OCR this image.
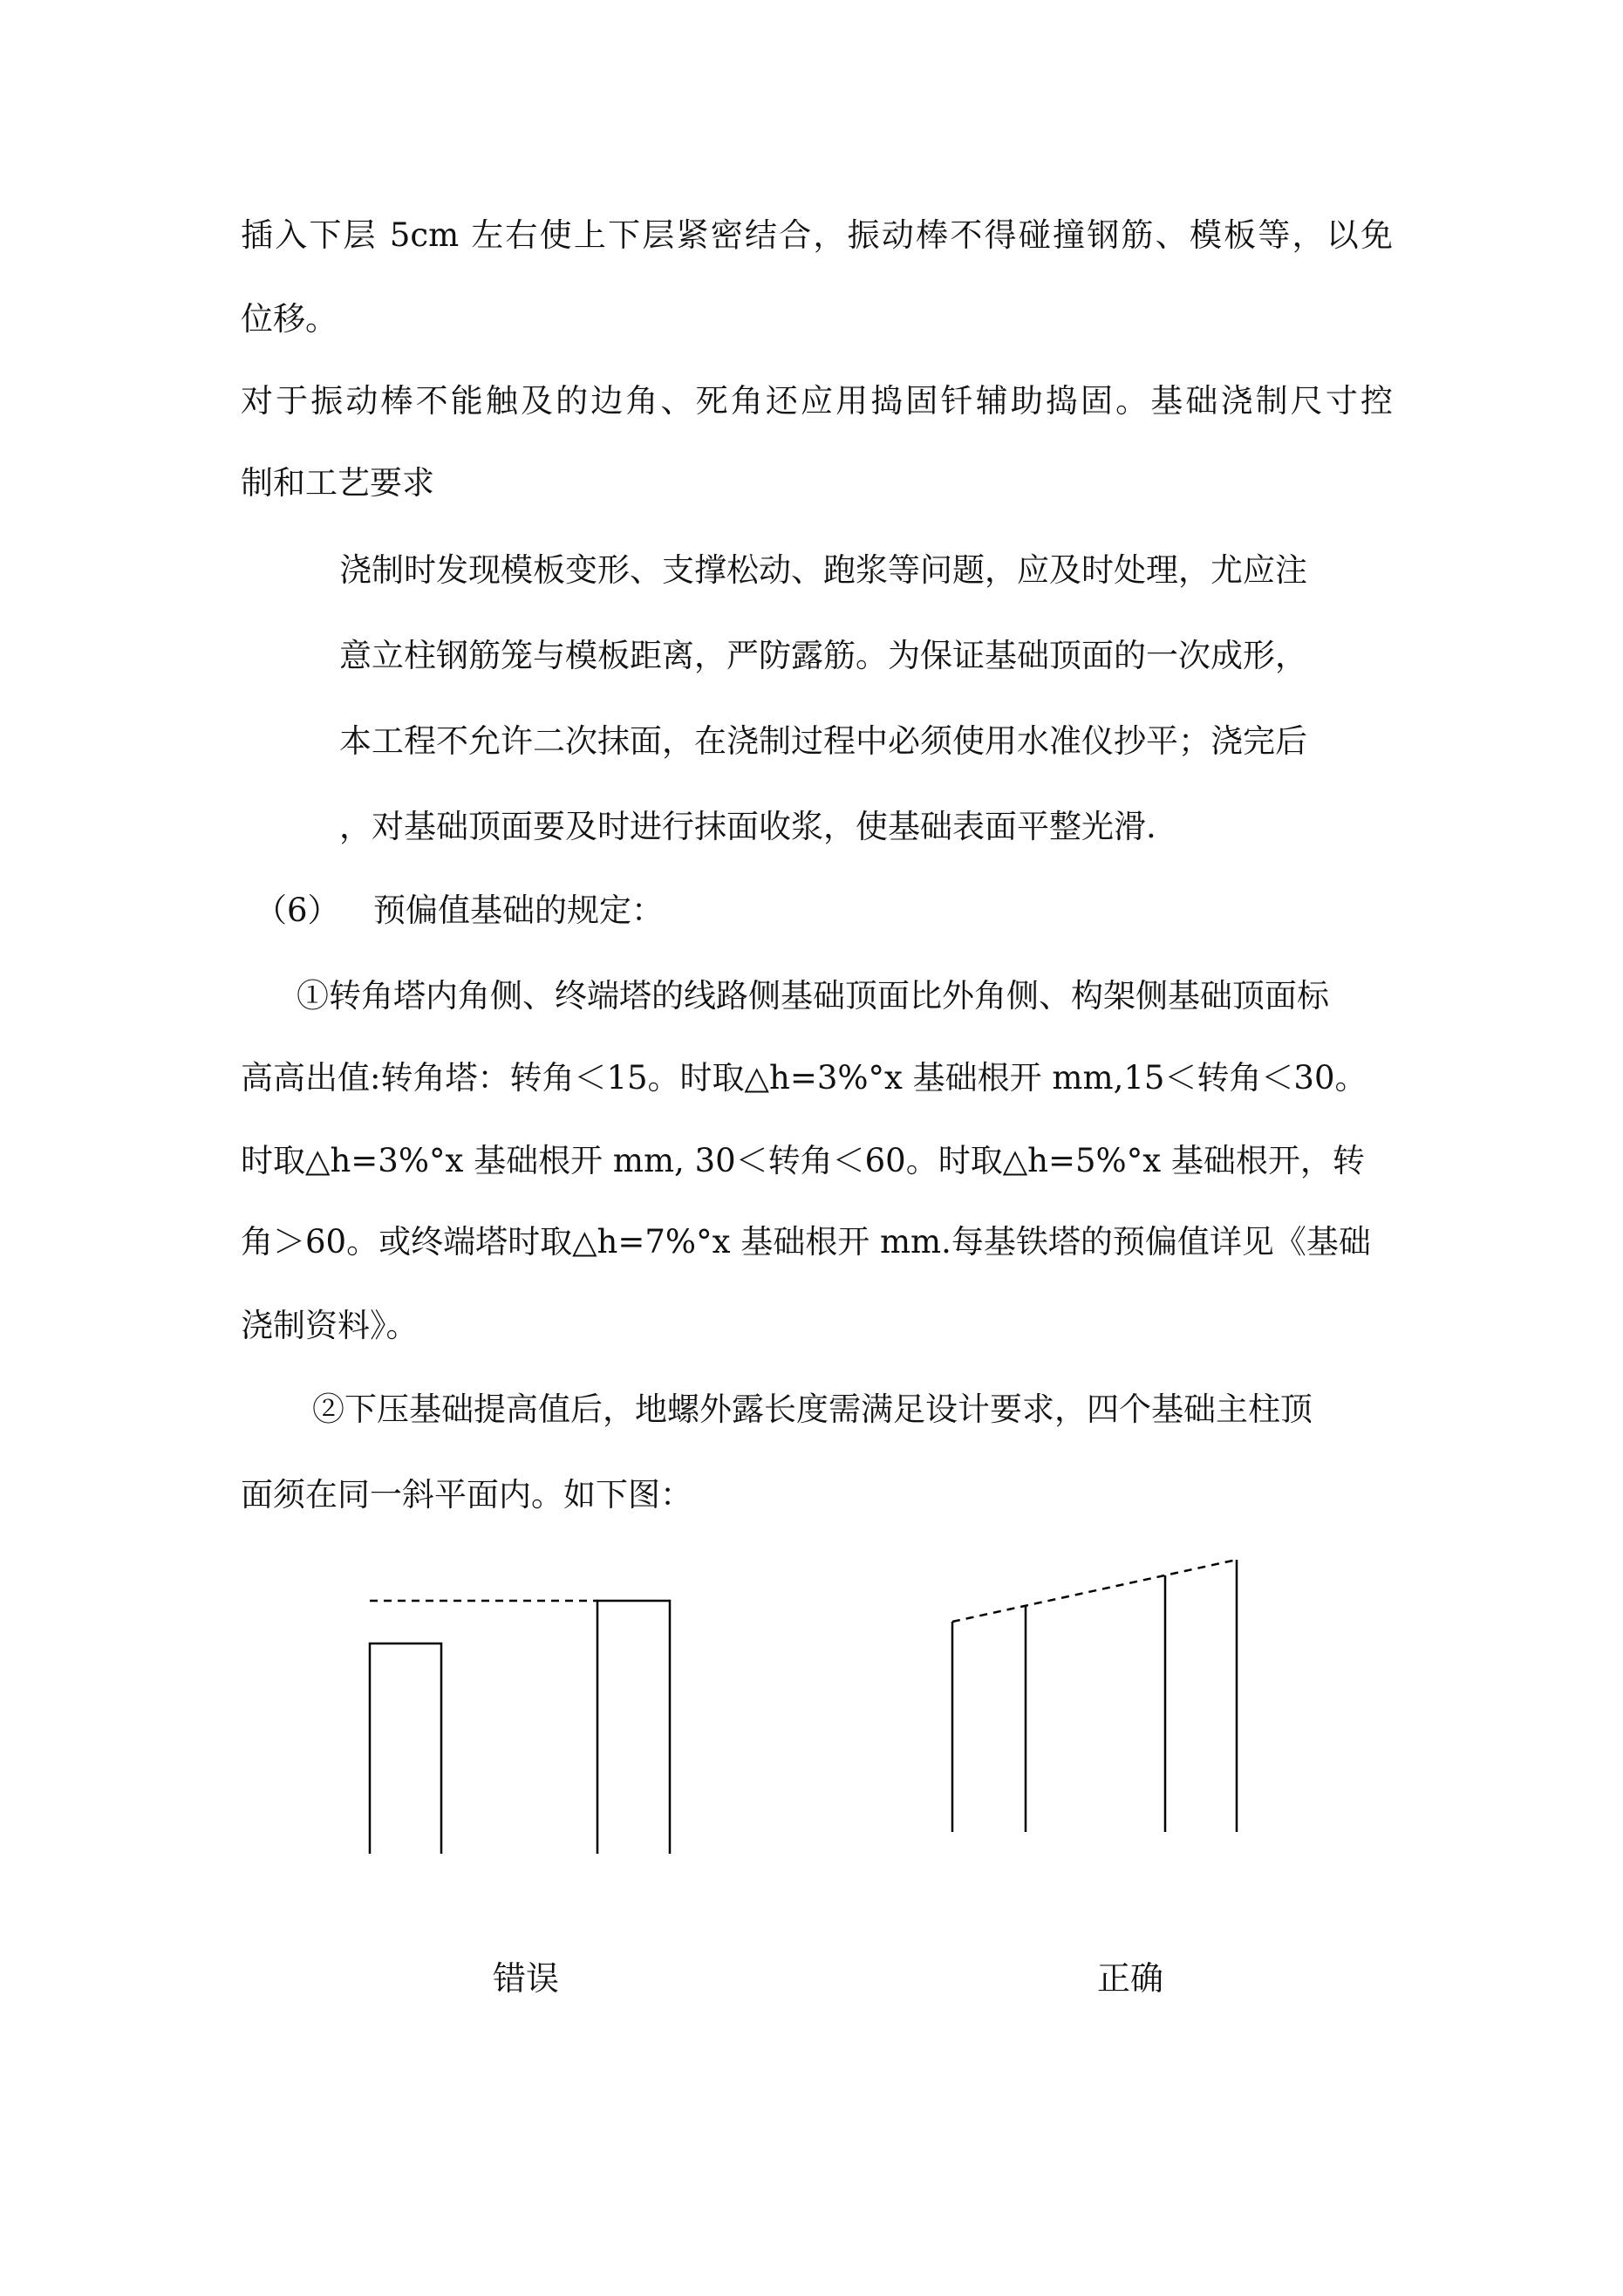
插入下层 5cm 左右使上下层紧密结合，振动棒不得碰撞钢筋、模板等，以免
位移。
对于振动棒不能触及的边角、死角还应用捣固钎辅助捣固。基础浇制尺寸控
制和工艺要求
浇制时发现模板变形、支撑松动、跑浆等问题，应及时处理，尤应注
意立柱钢筋笼与模板距离，严防露筋。为保证基础顶面的一次成形，
本工程不允许二次抹面，在浇制过程中必须使用水准仪抄平；浇完后
，对基础顶面要及时进行抹面收浆，使基础表面平整光滑.
（6） 预偏值基础的规定：
①转角塔内角侧、终端塔的线路侧基础顶面比外角侧、构架侧基础顶面标
高高出值:转角塔：转角＜15。时取△h=3%°x 基础根开 mm,15＜转角＜30。
时取△h=3%°x 基础根开 mm, 30＜转角＜60。时取△h=5%°x 基础根开，转
角＞60。或终端塔时取△h=7%°x 基础根开 mm.每基铁塔的预偏值详见《基础
浇制资料》。
②下压基础提高值后，地螺外露长度需满足设计要求，四个基础主柱顶
面须在同一斜平面内。如下图：
错误	正确
